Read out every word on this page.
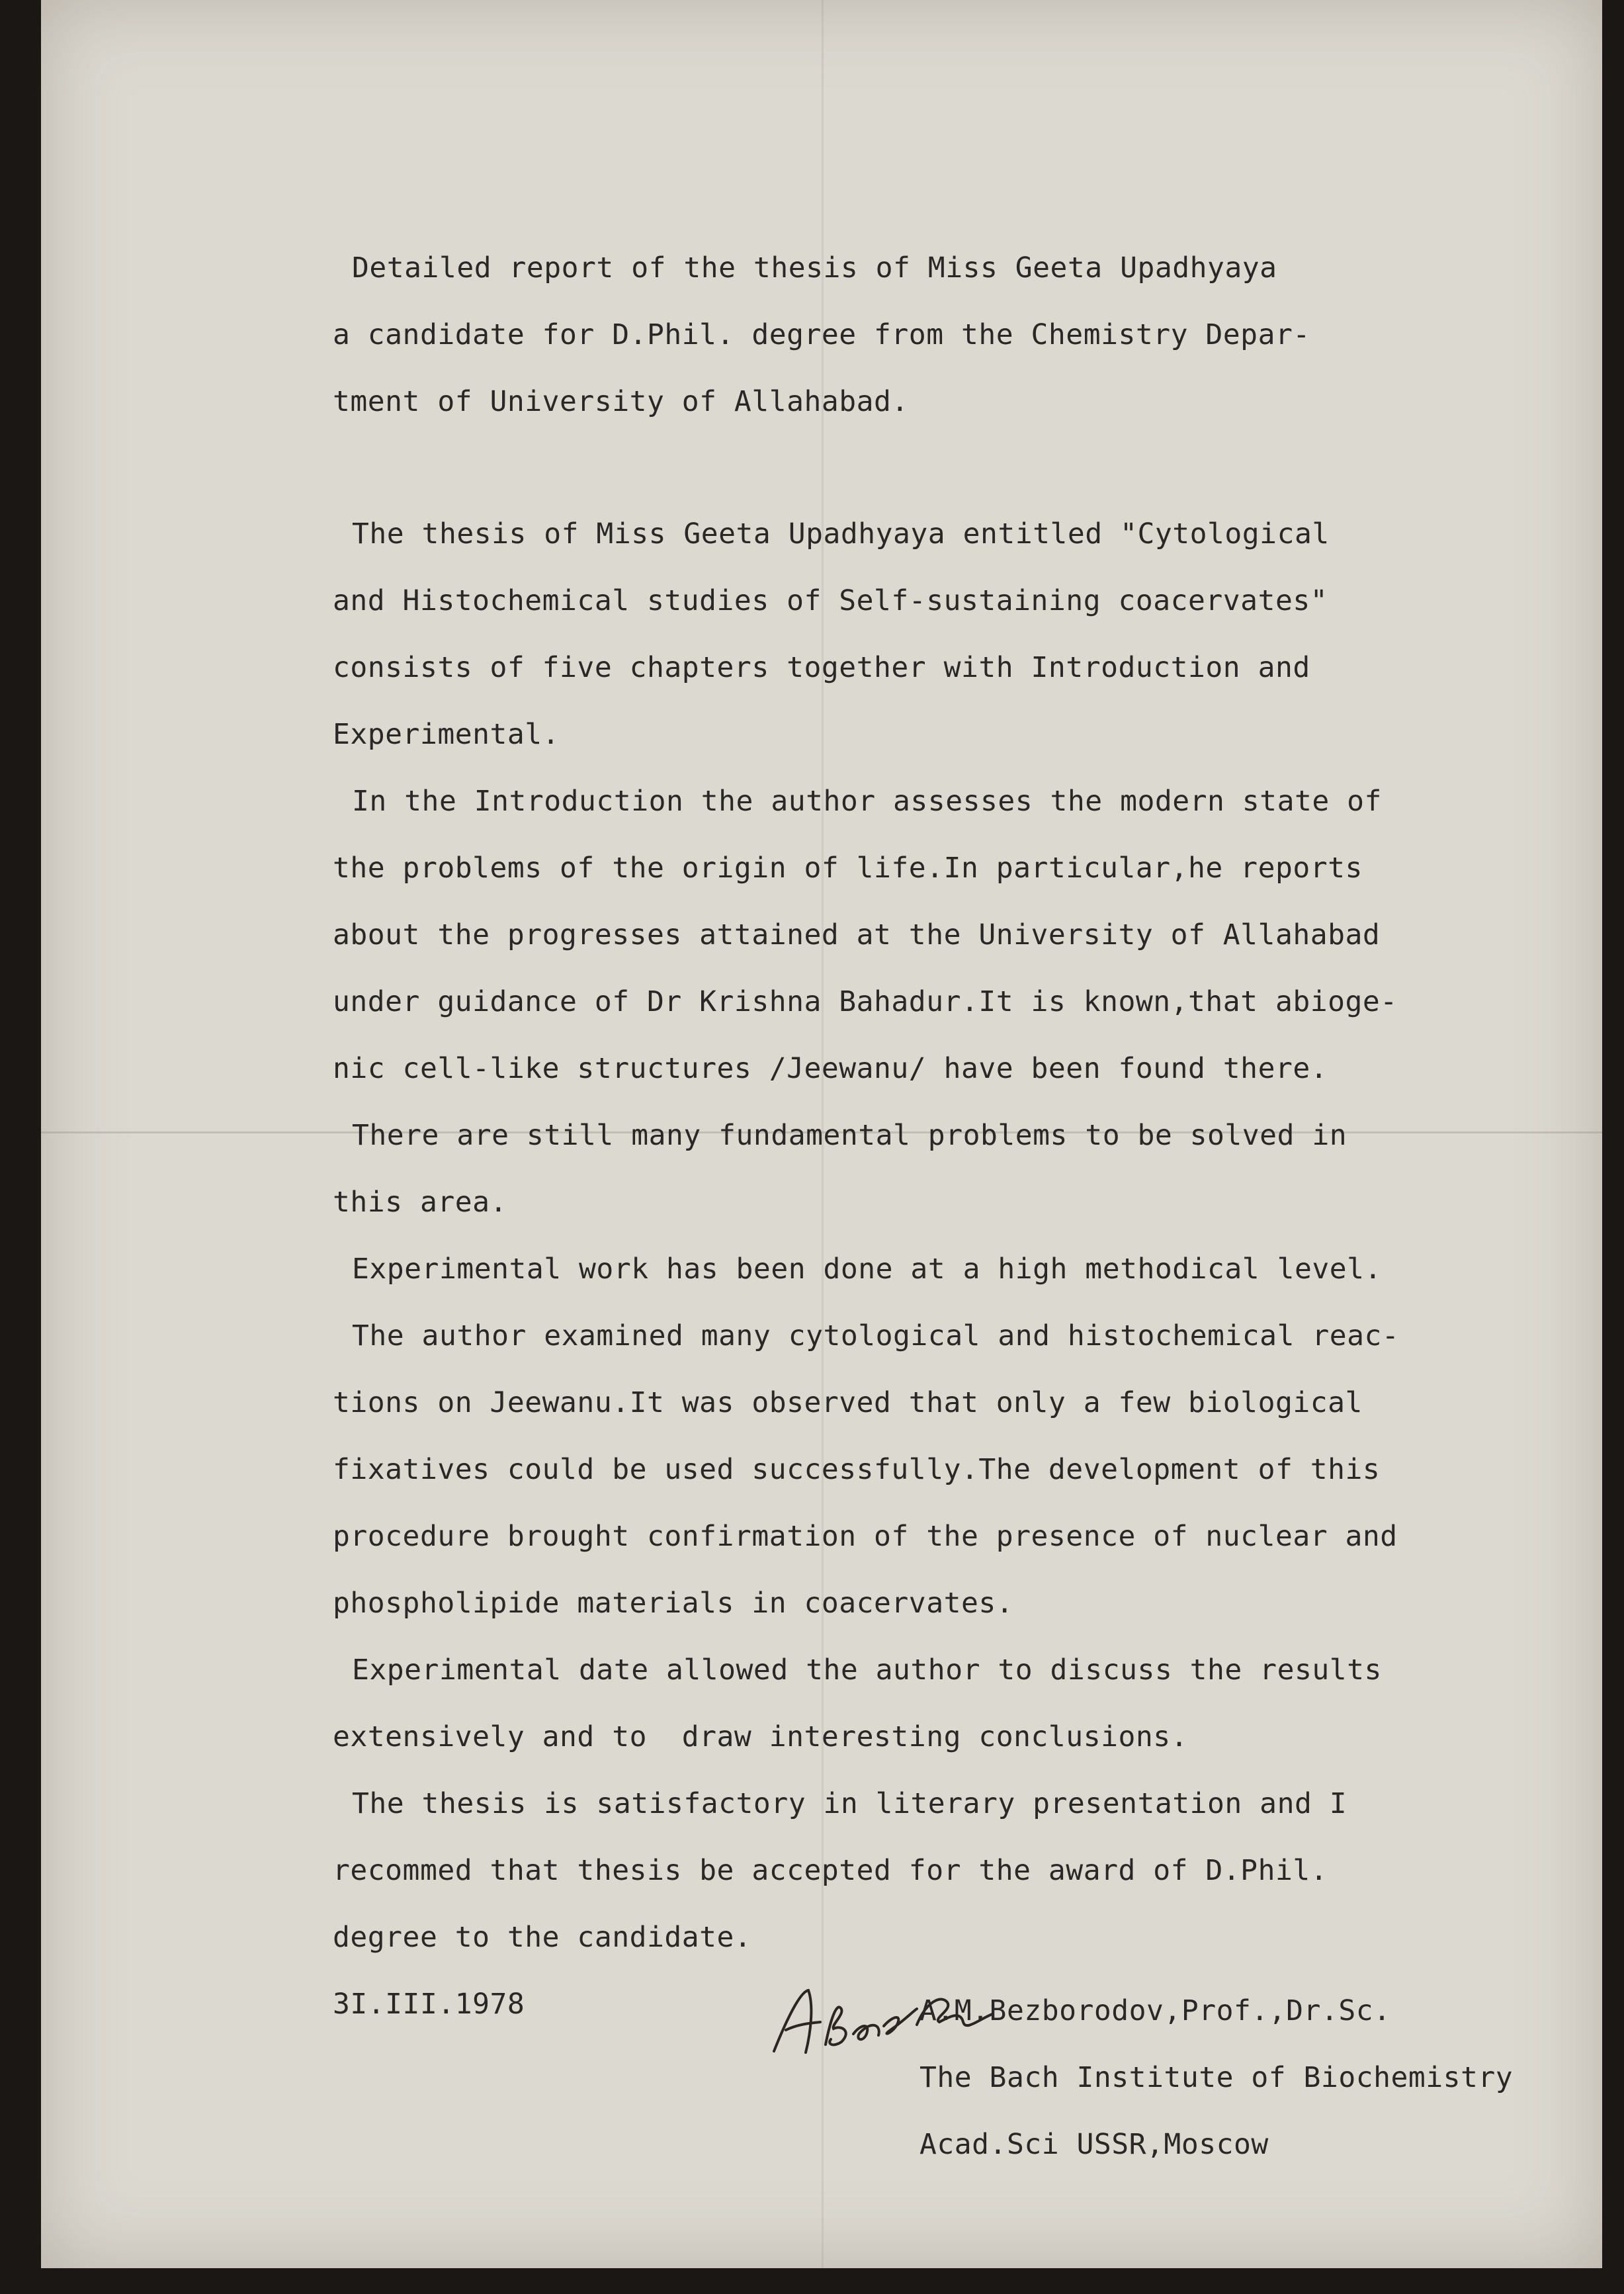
Detailed report of the thesis of Miss Geeta Upadhyaya
a candidate for D.Phil. degree from the Chemistry Depar-
tment of University of Allahabad.
The thesis of Miss Geeta Upadhyaya entitled "Cytological
and Histochemical studies of Self-sustaining coacervates"
consists of five chapters together with Introduction and
Experimental.
In the Introduction the author assesses the modern state of
the problems of the origin of life.In particular,he reports
about the progresses attained at the University of Allahabad
under guidance of Dr Krishna Bahadur.It is known,that abioge-
nic cell-like structures /Jeewanu/ have been found there.
There are still many fundamental problems to be solved in
this area.
Experimental work has been done at a high methodical level.
The author examined many cytological and histochemical reac-
tions on Jeewanu.It was observed that only a few biological
fixatives could be used successfully.The development of this
procedure brought confirmation of the presence of nuclear and
phospholipide materials in coacervates.
Experimental date allowed the author to discuss the results
extensively and to  draw interesting conclusions.
The thesis is satisfactory in literary presentation and I
recommed that thesis be accepted for the award of D.Phil.
degree to the candidate.
3I.III.1978	A.M.Bezborodov,Prof.,Dr.Sc.
The Bach Institute of Biochemistry
Acad.Sci USSR,Moscow
